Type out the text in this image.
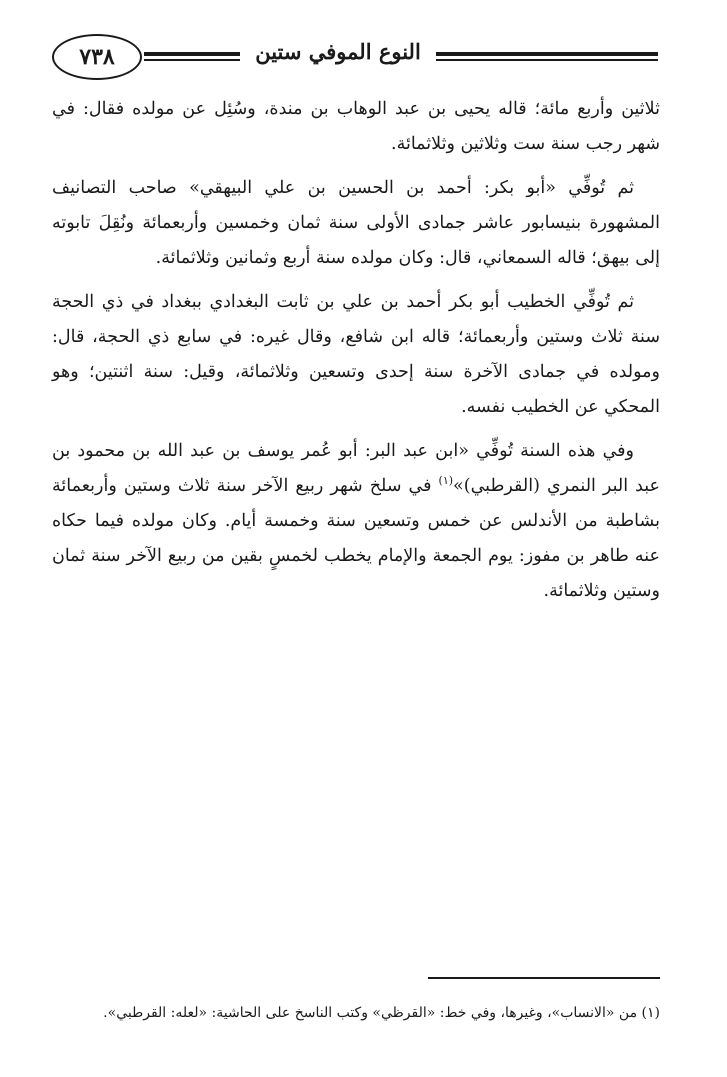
٧٣٨	النوع الموفي ستين

ثلاثين وأربع مائة؛ قاله يحيى بن عبد الوهاب بن مندة، وسُئِل عن مولده فقال: في شهر رجب سنة ست وثلاثين وثلاثمائة.

ثم تُوفِّي «أبو بكر: أحمد بن الحسين بن علي البيهقي» صاحب التصانيف المشهورة بنيسابور عاشر جمادى الأولى سنة ثمان وخمسين وأربعمائة ونُقِلَ تابوته إلى بيهق؛ قاله السمعاني، قال: وكان مولده سنة أربع وثمانين وثلاثمائة.

ثم تُوفِّي الخطيب أبو بكر أحمد بن علي بن ثابت البغدادي ببغداد في ذي الحجة سنة ثلاث وستين وأربعمائة؛ قاله ابن شافع، وقال غيره: في سابع ذي الحجة، قال: ومولده في جمادى الآخرة سنة إحدى وتسعين وثلاثمائة، وقيل: سنة اثنتين؛ وهو المحكي عن الخطيب نفسه.

وفي هذه السنة تُوفِّي «ابن عبد البر: أبو عُمر يوسف بن عبد الله بن محمود بن عبد البر النمري (القرطبي)»$^{(١)}$ في سلخ شهر ربيع الآخر سنة ثلاث وستين وأربعمائة بشاطبة من الأندلس عن خمس وتسعين سنة وخمسة أيام. وكان مولده فيما حكاه عنه طاهر بن مفوز: يوم الجمعة والإمام يخطب لخمسٍ بقين من ربيع الآخر سنة ثمان وستين وثلاثمائة.

(١) من «الانساب»، وغيرها، وفي خط: «القرظي» وكتب الناسخ على الحاشية: «لعله: القرطبي».
